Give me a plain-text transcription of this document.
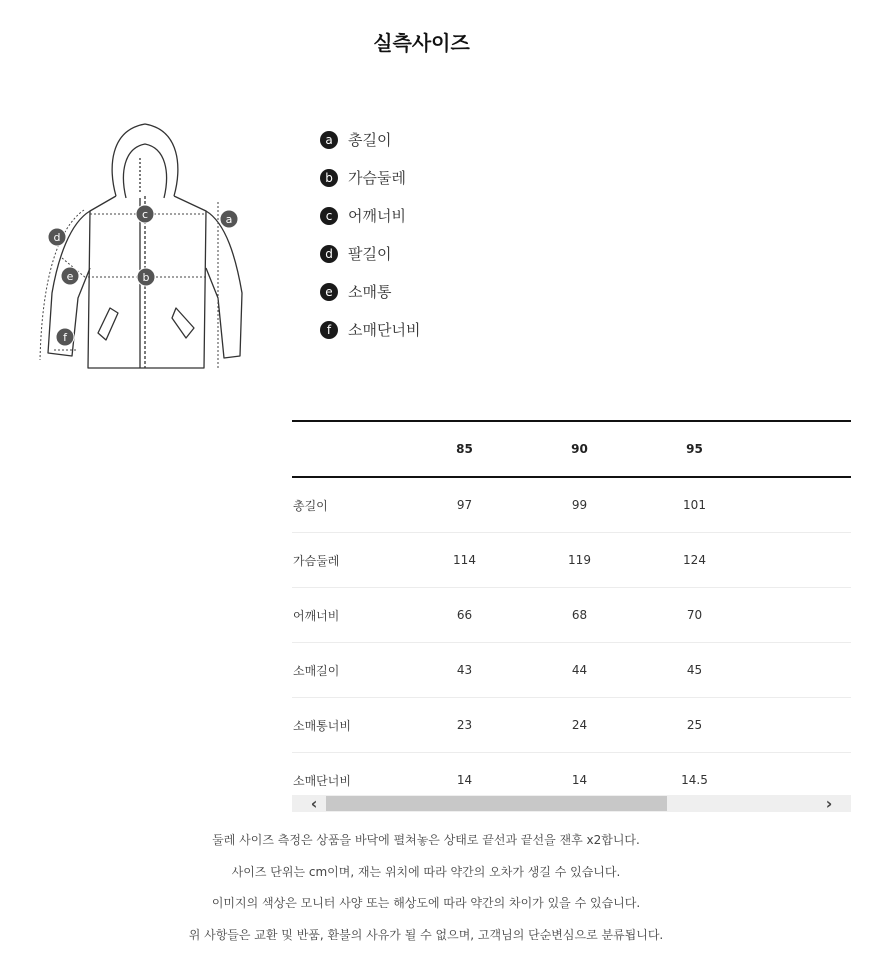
실측사이즈
a
b
c
d
e
f
a	총길이
b	가슴둘레
c	어깨너비
d	팔길이
e	소매통
f	소매단너비
	85	90	95	
총길이	97	99	101	
가슴둘레	114	119	124	
어깨너비	66	68	70	
소매길이	43	44	45	
소매통너비	23	24	25	
소매단너비	14	14	14.5	
‹	›

둘레 사이즈 측정은 상품을 바닥에 펼쳐놓은 상태로 끝선과 끝선을 잰후 x2합니다.

사이즈 단위는 cm이며, 재는 위치에 따라 약간의 오차가 생길 수 있습니다.

이미지의 색상은 모니터 사양 또는 해상도에 따라 약간의 차이가 있을 수 있습니다.

위 사항들은 교환 및 반품, 환불의 사유가 될 수 없으며, 고객님의 단순변심으로 분류됩니다.
